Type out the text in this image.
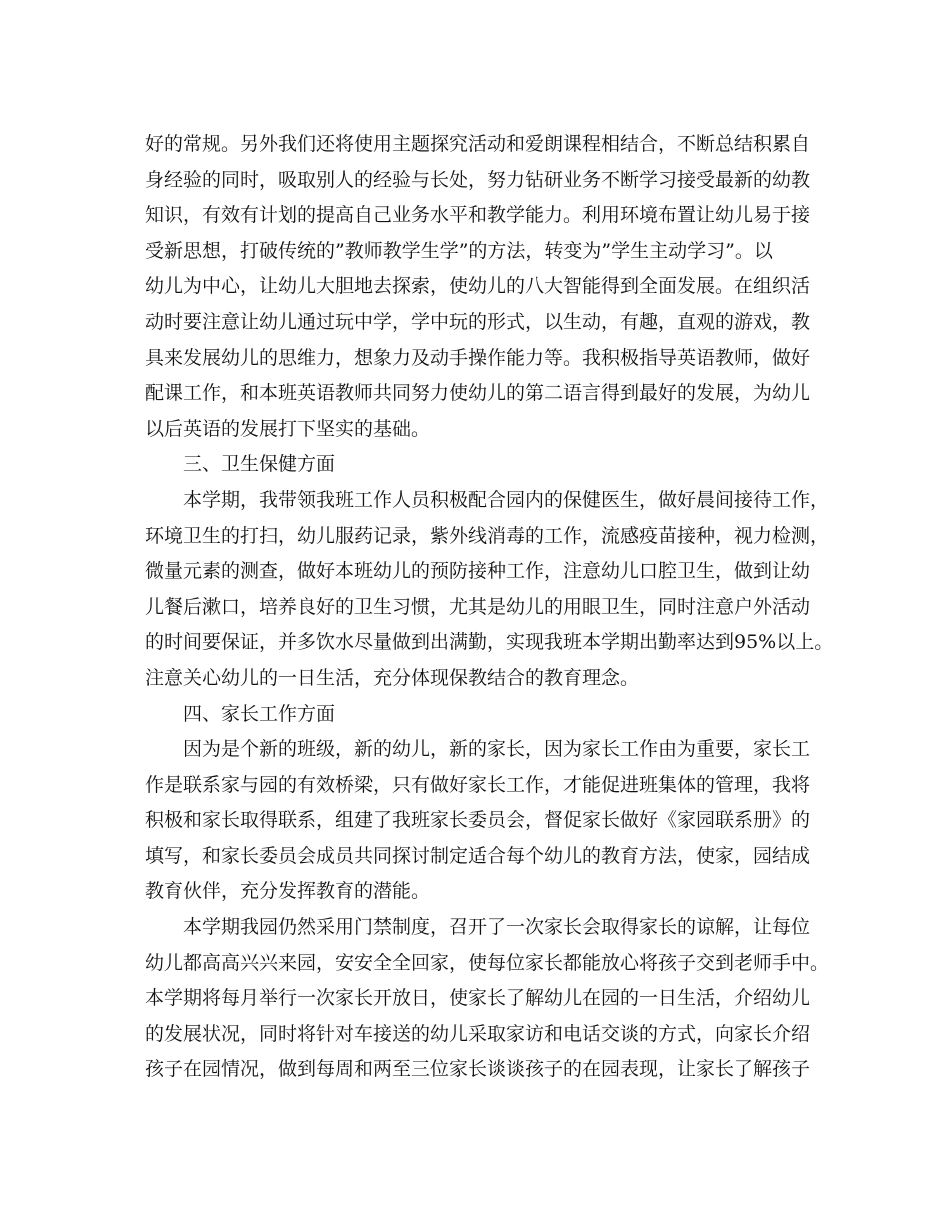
好的常规。另外我们还将使用主题探究活动和爱朗课程相结合，不断总结积累自
身经验的同时，吸取别人的经验与长处，努力钻研业务不断学习接受最新的幼教
知识，有效有计划的提高自己业务水平和教学能力。利用环境布置让幼儿易于接
受新思想，打破传统的”教师教学生学”的方法，转变为”学生主动学习”。以
幼儿为中心，让幼儿大胆地去探索，使幼儿的八大智能得到全面发展。在组织活
动时要注意让幼儿通过玩中学，学中玩的形式，以生动，有趣，直观的游戏，教
具来发展幼儿的思维力，想象力及动手操作能力等。我积极指导英语教师，做好
配课工作，和本班英语教师共同努力使幼儿的第二语言得到最好的发展，为幼儿
以后英语的发展打下坚实的基础。
三、卫生保健方面
本学期，我带领我班工作人员积极配合园内的保健医生，做好晨间接待工作，
环境卫生的打扫，幼儿服药记录，紫外线消毒的工作，流感疫苗接种，视力检测，
微量元素的测查，做好本班幼儿的预防接种工作，注意幼儿口腔卫生，做到让幼
儿餐后漱口，培养良好的卫生习惯，尤其是幼儿的用眼卫生，同时注意户外活动
的时间要保证，并多饮水尽量做到出满勤，实现我班本学期出勤率达到95%以上。
注意关心幼儿的一日生活，充分体现保教结合的教育理念。
四、家长工作方面
因为是个新的班级，新的幼儿，新的家长，因为家长工作由为重要，家长工
作是联系家与园的有效桥梁，只有做好家长工作，才能促进班集体的管理，我将
积极和家长取得联系，组建了我班家长委员会，督促家长做好《家园联系册》的
填写，和家长委员会成员共同探讨制定适合每个幼儿的教育方法，使家，园结成
教育伙伴，充分发挥教育的潜能。
本学期我园仍然采用门禁制度，召开了一次家长会取得家长的谅解，让每位
幼儿都高高兴兴来园，安安全全回家，使每位家长都能放心将孩子交到老师手中。
本学期将每月举行一次家长开放日，使家长了解幼儿在园的一日生活，介绍幼儿
的发展状况，同时将针对车接送的幼儿采取家访和电话交谈的方式，向家长介绍
孩子在园情况，做到每周和两至三位家长谈谈孩子的在园表现，让家长了解孩子
